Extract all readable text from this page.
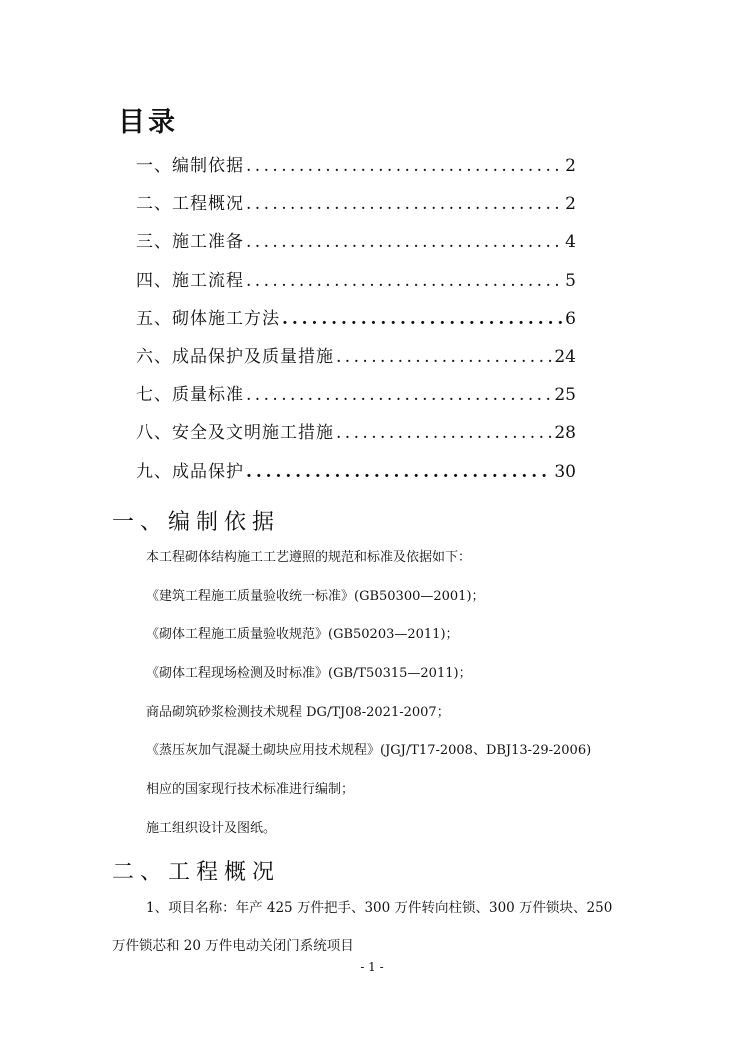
目录
一、编制依据 . . .	2
二、工程概况 . . .	2
三、施工准备 . . .	4
四、施工流程 . . .	5
五、砌体施工方法 . . .	6
六、成品保护及质量措施 . . .	24
七、质量标准 . . .	25
八、安全及文明施工措施 . . .	28
九、成品保护 . . .	30
一、编制依据
本工程砌体结构施工工艺遵照的规范和标准及依据如下：
《建筑工程施工质量验收统一标准》(GB50300—2001)；
《砌体工程施工质量验收规范》(GB50203—2011)；
《砌体工程现场检测及时标准》(GB/T50315—2011)；
商品砌筑砂浆检测技术规程 DG/TJ08-2021-2007；
《蒸压灰加气混凝土砌块应用技术规程》(JGJ/T17-2008、DBJ13-29-2006)
相应的国家现行技术标准进行编制；
施工组织设计及图纸。
二、工程概况
1、项目名称：年产 425 万件把手、300 万件转向柱锁、300 万件锁块、250
万件锁芯和 20 万件电动关闭门系统项目
- 1 -
